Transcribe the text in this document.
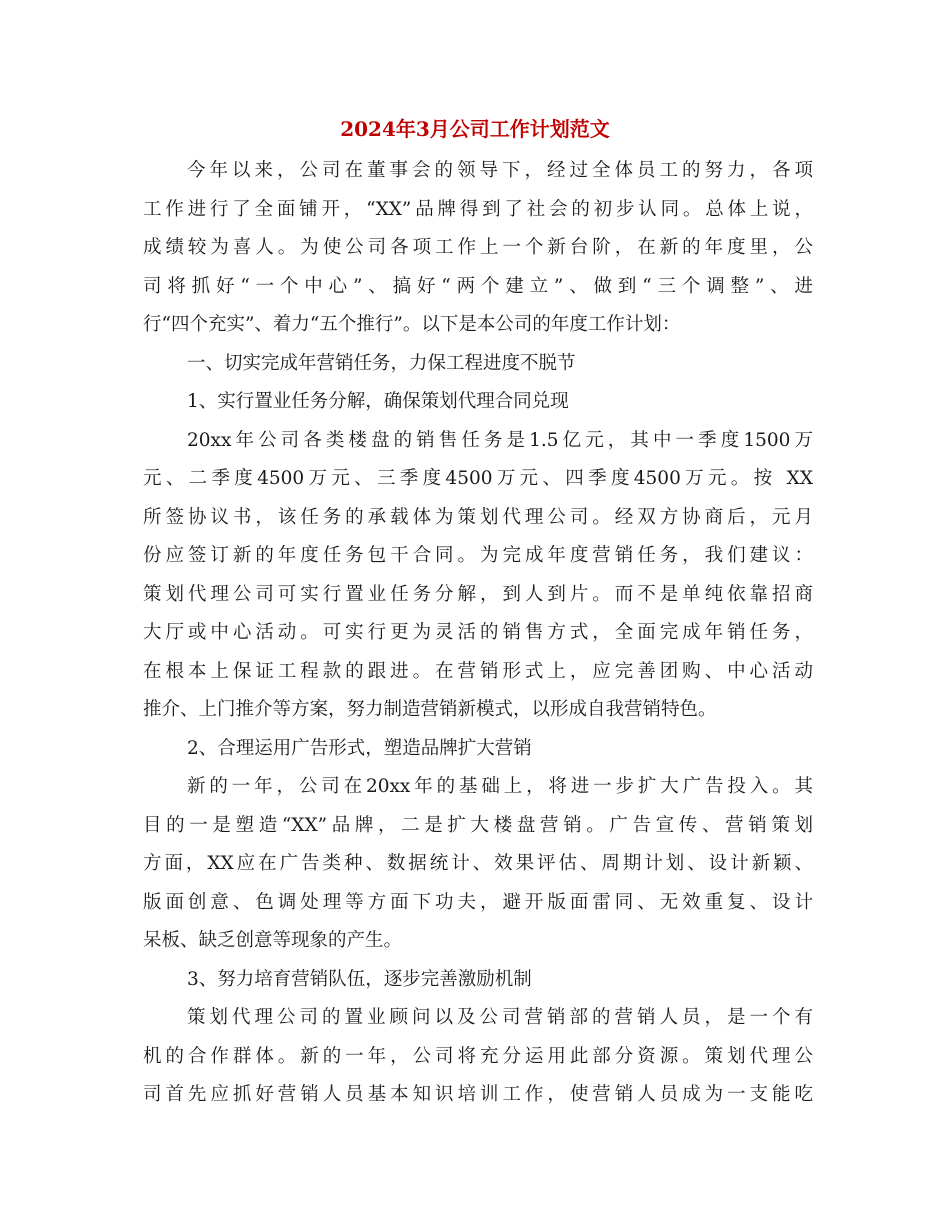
2024年3月公司工作计划范文
今年以来，公司在董事会的领导下，经过全体员工的努力，各项
工作进行了全面铺开，“XX”品牌得到了社会的初步认同。总体上说，
成绩较为喜人。为使公司各项工作上一个新台阶，在新的年度里，公
司将抓好“一个中心”、搞好“两个建立”、做到“三个调整”、进
行“四个充实”、着力“五个推行”。以下是本公司的年度工作计划：
一、切实完成年营销任务，力保工程进度不脱节
1、实行置业任务分解，确保策划代理合同兑现
20xx年公司各类楼盘的销售任务是1.5亿元，其中一季度1500万
元、二季度4500万元、三季度4500万元、四季度4500万元。按 XX
所签协议书，该任务的承载体为策划代理公司。经双方协商后，元月
份应签订新的年度任务包干合同。为完成年度营销任务，我们建议：
策划代理公司可实行置业任务分解，到人到片。而不是单纯依靠招商
大厅或中心活动。可实行更为灵活的销售方式，全面完成年销任务，
在根本上保证工程款的跟进。在营销形式上，应完善团购、中心活动
推介、上门推介等方案，努力制造营销新模式，以形成自我营销特色。
2、合理运用广告形式，塑造品牌扩大营销
新的一年，公司在20xx年的基础上，将进一步扩大广告投入。其
目的一是塑造“XX”品牌，二是扩大楼盘营销。广告宣传、营销策划
方面，XX应在广告类种、数据统计、效果评估、周期计划、设计新颖、
版面创意、色调处理等方面下功夫，避开版面雷同、无效重复、设计
呆板、缺乏创意等现象的产生。
3、努力培育营销队伍，逐步完善激励机制
策划代理公司的置业顾问以及公司营销部的营销人员，是一个有
机的合作群体。新的一年，公司将充分运用此部分资源。策划代理公
司首先应抓好营销人员基本知识培训工作，使营销人员成为一支能吃
